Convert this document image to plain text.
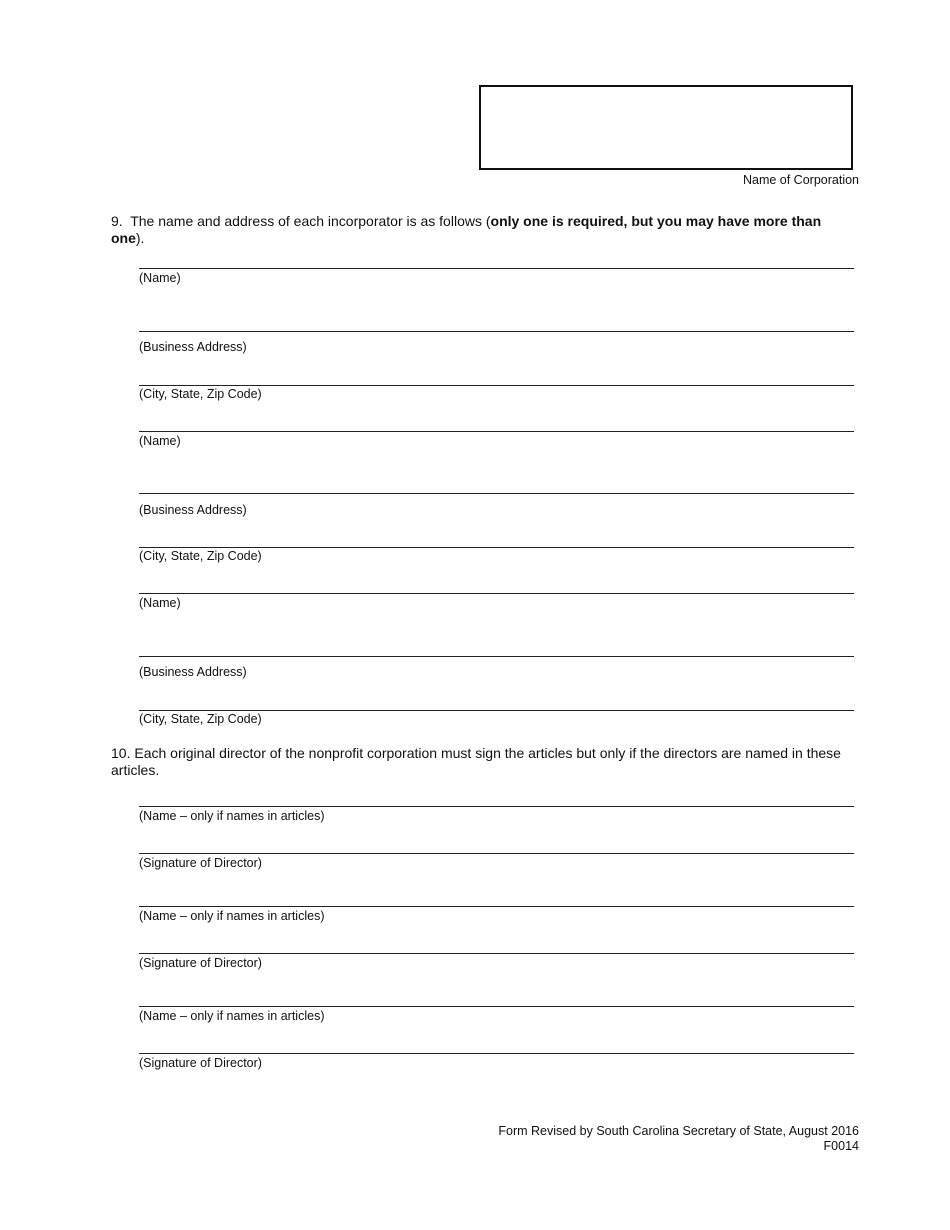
Name of Corporation
9. The name and address of each incorporator is as follows (only one is required, but you may have more than one).
(Name)
(Business Address)
(City, State, Zip Code)
(Name)
(Business Address)
(City, State, Zip Code)
(Name)
(Business Address)
(City, State, Zip Code)
10. Each original director of the nonprofit corporation must sign the articles but only if the directors are named in these articles.
(Name – only if names in articles)
(Signature of Director)
(Name – only if names in articles)
(Signature of Director)
(Name – only if names in articles)
(Signature of Director)
Form Revised by South Carolina Secretary of State, August 2016
F0014
